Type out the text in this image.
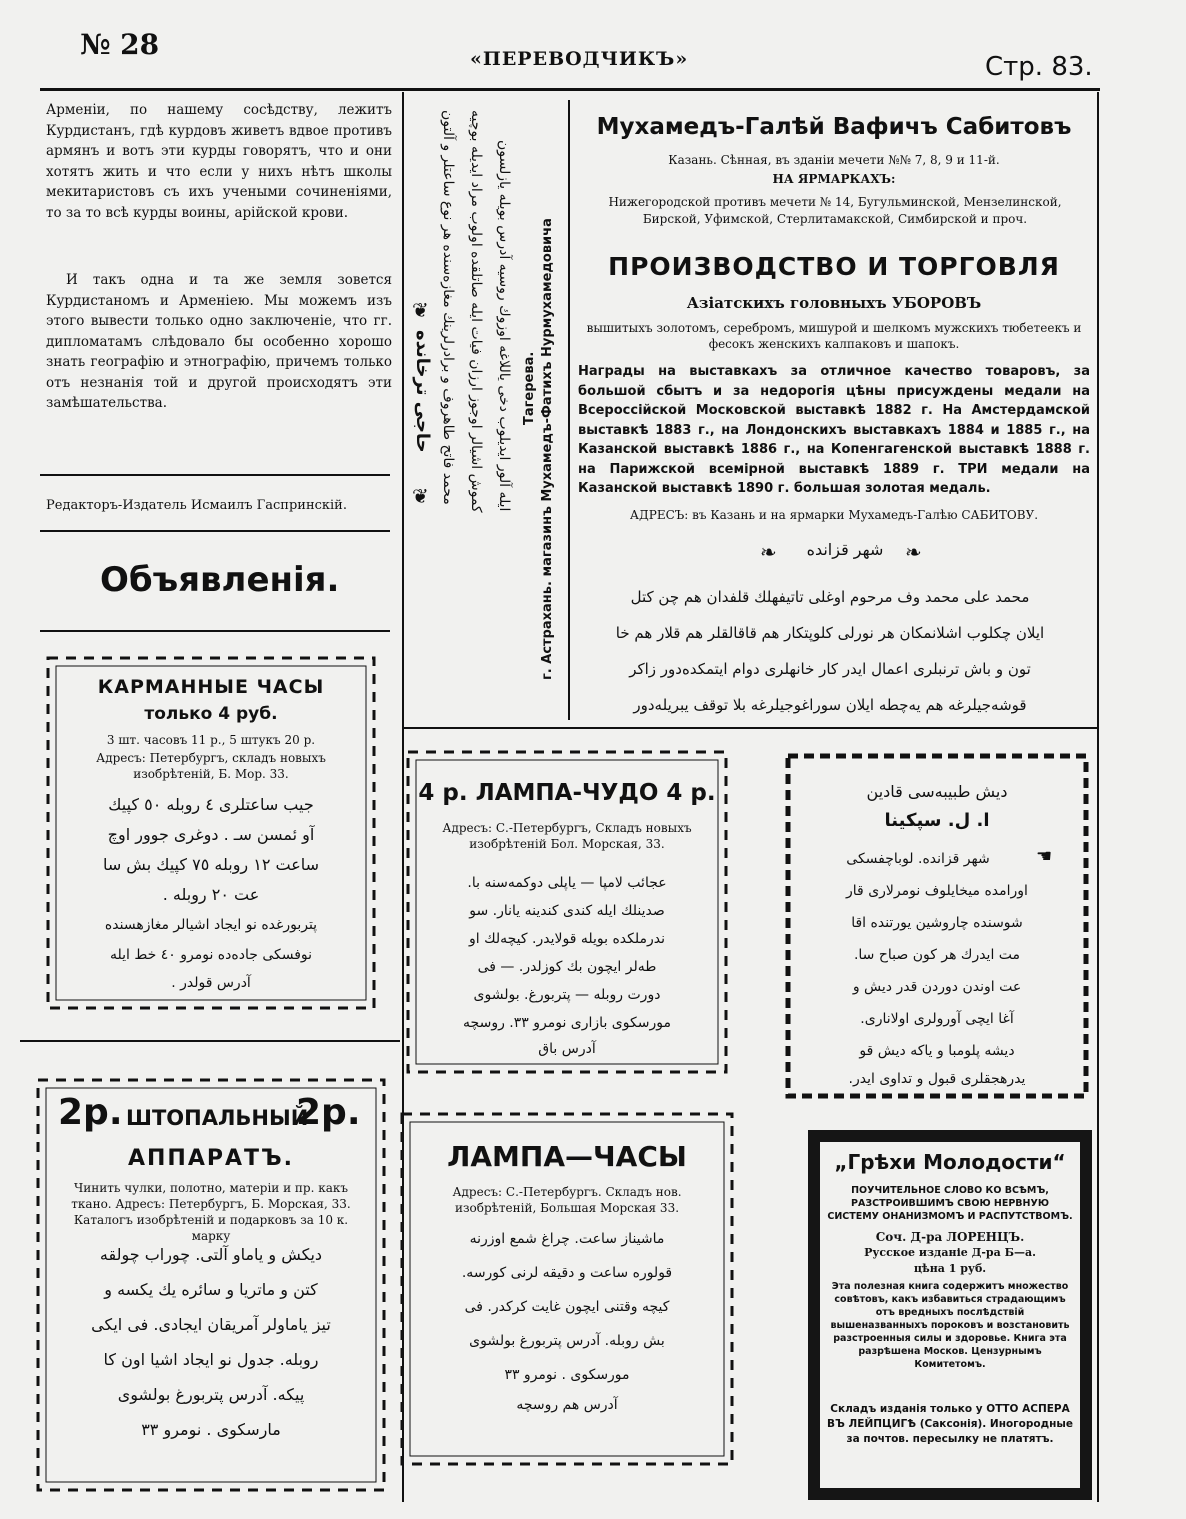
№ 28	«ПЕРЕВОДЧИКЪ»	Стр. 83.
Арменіи, по нашему сосѣдству, лежитъ Курдистанъ, гдѣ курдовъ живетъ вдвое противъ армянъ и вотъ эти курды говорятъ, что и они хотятъ жить и что если у нихъ нѣтъ школы мекитаристовъ съ ихъ учеными сочиненіями, то за то всѣ курды воины, арійской крови.
И такъ одна и та же земля зовется Курдистаномъ и Арменіею. Мы можемъ изъ этого вывести только одно заключеніе, что гг. дипломатамъ слѣдовало бы особенно хорошо знать географію и этнографію, причемъ только отъ незнанія той и другой происходятъ эти замѣшательства.
Редакторъ-Издатель Исмаилъ Гаспринскій.
Объявленія.
КАРМАННЫЕ ЧАСЫ
только 4 руб.
3 шт. часовъ 11 р., 5 штукъ 20 р.
Адресъ: Петербургъ, складъ новыхъ изобрѣтеній, Б. Мор. 33.
جيب ساعتلرى ٤ روبله ٥٠ كپيك
آو ئمسن سـ . دوغرى جوور اوچ
ساعت ١٢ روبله ٧٥ كپيك بش سا
عت ٢٠ روبله .
پتربورغده نو ايجاد اشيالر مغازهسنده
نوفسكى جاده‌ده نومرو ٤٠ خط ايله
آدرس قولدر .
2р. ШТОПАЛЬНЫЙ
2р.
АППАРАТЪ.
Чинить чулки, полотно, матеріи и пр. какъ ткано. Адресъ: Петербургъ, Б. Морская, 33. Каталогъ изобрѣтеній и подарковъ за 10 к. марку
ديكش و ياماو آلتى. چوراب چولقه
كتن و ماتريا و سائره يك يكسه و
تيز ياماولر آمريقان ايجادى. فى ايكى
روبله. جدول نو ايجاد اشيا اون كا
پيكه. آدرس پتربورغ بولشوى
مارسكوى . نومرو ٣٣
г. Астрахань. магазинъ Мухамедъ-Фатихъ Нурмухамедовича
Тагерева.
محمد فاتح طاهروف و برادرلرينك مغازه‌سنده هر نوع ساعتلر و آلتون كموش اشيالر اوجوز ارزان فيات ايله صاتلقده اولوب مراد ايديله بوچيه ايله آلور ايديلوب دخى ياللاغه اوزوك روسيه آدرس بويله يازلسون
حاجى ترخانده
❦
❦
Мухамедъ-Галѣй Вафичъ Сабитовъ
Казань. Сѣнная, въ зданіи мечети №№ 7, 8, 9 и 11-й.
НА ЯРМАРКАХЪ:
Нижегородской противъ мечети № 14, Бугульминской, Мензелинской, Бирской, Уфимской, Стерлитамакской, Симбирской и проч.
ПРОИЗВОДСТВО И ТОРГОВЛЯ
Азіатскихъ головныхъ УБОРОВЪ
вышитыхъ золотомъ, серебромъ, мишурой и шелкомъ мужскихъ тюбетеекъ и фесокъ женскихъ калпаковъ и шапокъ.
Награды на выставкахъ за отличное качество товаровъ, за большой сбытъ и за недорогія цѣны присуждены медали на Всероссійской Московской выставкѣ 1882 г. На Амстердамской выставкѣ 1883 г., на Лондонскихъ выставкахъ 1884 и 1885 г., на Казанской выставкѣ 1886 г., на Копенгагенской выставкѣ 1888 г. на Парижской всемірной выставкѣ 1889 г. ТРИ медали на Казанской выставкѣ 1890 г. большая золотая медаль.
АДРЕСЪ: въ Казань и на ярмарки Мухамедъ-Галѣю САБИТОВУ.
❧	شهر قزانده	❧
محمد على محمد وف مرحوم اوغلى تاتيفهلك قلفدان هم چن كتل
ايلان چكلوب اشلانمكان هر نورلى كلوپتكار هم قاقالقلر هم قلار هم خا
تون و باش ترنبلرى اعمال ايدر كار خانهلرى دوام ايتمكده‌دور زاكر
قوشه‌جيلرغه هم يه‌چطه ايلان سوراغوجيلرغه بلا توقف يبريله‌دور
4 р. ЛАМПА-ЧУДО 4 р.
Адресъ: С.-Петербургъ, Складъ новыхъ изобрѣтеній Бол. Морская, 33.
عجائب لامپا — ياپلى دوكمه‌سنه با.
صدينلك ايله كندى كندينه يانار. سو
ندرملكده بويله قولايدر. كيچه‌لك او
طه‌لر ايچون بك كوزلدر. — فى
دورت روبله — پتربورغ. بولشوى
مورسكوى بازارى نومرو ٣٣. روسچه
آدرس باق
ديش طبيبه‌سى قادين
ا. ل. سپكينا
☚
شهر قزانده. لوباچفسكى
اورامده ميخايلوف نومرلارى قار
شوسنده چاروشين يورتنده اقا
مت ايدرك هر كون صباح سا.
عت اوندن دوردن قدر ديش و
آغا ايچى آورولرى اولانارى.
ديشه پلومبا و ياكه ديش قو
يدرهجقلرى قبول و تداوى ايدر.
ЛАМПА—ЧАСЫ
Адресъ: С.-Петербургъ. Складъ нов. изобрѣтеній, Большая Морская 33.
ماشيناز ساعت. چراغ شمع اوزرنه
قولوره ساعت و دقيقه لرنى كورسه.
كيچه وقتنى ايچون غايت كركدر. فى
بش روبله. آدرس پتربورغ بولشوى
مورسكوى . نومرو ٣٣
آدرس هم روسچه
„Грѣхи Молодости“
ПОУЧИТЕЛЬНОЕ СЛОВО КО ВСѢМЪ, РАЗСТРОИВШИМЪ СВОЮ НЕРВНУЮ СИСТЕМУ ОНАНИЗМОМЪ И РАСПУТСТВОМЪ.
Соч. Д-ра ЛОРЕНЦЪ.
Русское изданіе Д-ра Б—а.
цѣна 1 руб.
Эта полезная книга содержитъ множество совѣтовъ, какъ избавиться страдающимъ отъ вредныхъ послѣдствій вышеназванныхъ пороковъ и возстановить разстроенныя силы и здоровье. Книга эта разрѣшена Москов. Цензурнымъ Комитетомъ.
Складъ изданія только у ОТТО АСПЕРА ВЪ ЛЕЙПЦИГѢ (Саксонія). Иногородные за почтов. пересылку не платятъ.
